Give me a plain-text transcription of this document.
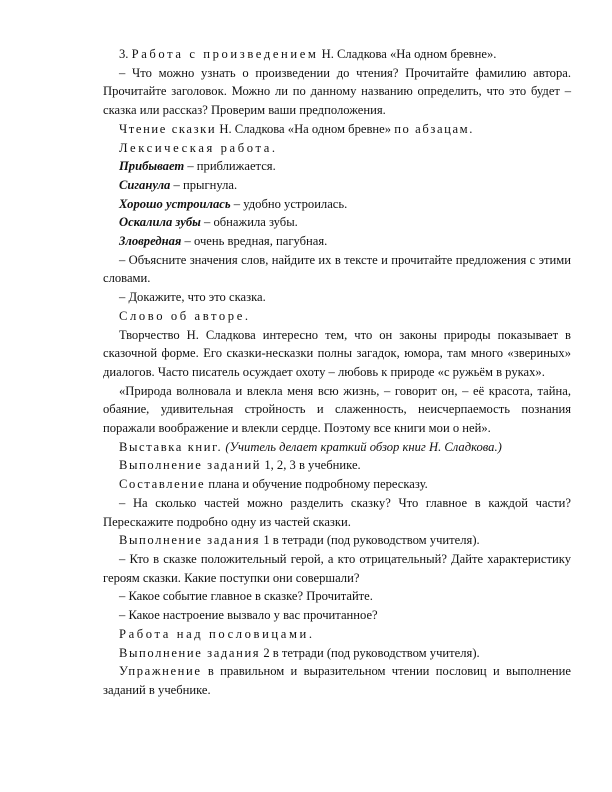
3. Работа с произведением Н. Сладкова «На одном бревне».

– Что можно узнать о произведении до чтения? Прочитайте фамилию автора. Прочитайте заголовок. Можно ли по данному названию определить, что это будет – сказка или рассказ? Проверим ваши предположения.

Чтение сказки Н. Сладкова «На одном бревне» по абзацам.

Лексическая работа.

Прибывает – приближается.

Сиганула – прыгнула.

Хорошо устроилась – удобно устроилась.

Оскалила зубы – обнажила зубы.

Зловредная – очень вредная, пагубная.

– Объясните значения слов, найдите их в тексте и прочитайте предложения с этими словами.

– Докажите, что это сказка.

Слово об авторе.

Творчество Н. Сладкова интересно тем, что он законы природы показывает в сказочной форме. Его сказки-несказки полны загадок, юмора, там много «звериных» диалогов. Часто писатель осуждает охоту – любовь к природе «с ружьём в руках».

«Природа волновала и влекла меня всю жизнь, – говорит он, – её красота, тайна, обаяние, удивительная стройность и слаженность, неисчерпаемость познания поражали воображение и влекли сердце. Поэтому все книги мои о ней».

Выставка книг. (Учитель делает краткий обзор книг Н. Сладкова.)

Выполнение заданий 1, 2, 3 в учебнике.

Составление плана и обучение подробному пересказу.

– На сколько частей можно разделить сказку? Что главное в каждой части? Перескажите подробно одну из частей сказки.

Выполнение задания 1 в тетради (под руководством учителя).

– Кто в сказке положительный герой, а кто отрицательный? Дайте характеристику героям сказки. Какие поступки они совершали?

– Какое событие главное в сказке? Прочитайте.

– Какое настроение вызвало у вас прочитанное?

Работа над пословицами.

Выполнение задания 2 в тетради (под руководством учителя).

Упражнение в правильном и выразительном чтении пословиц и выполнение заданий в учебнике.
